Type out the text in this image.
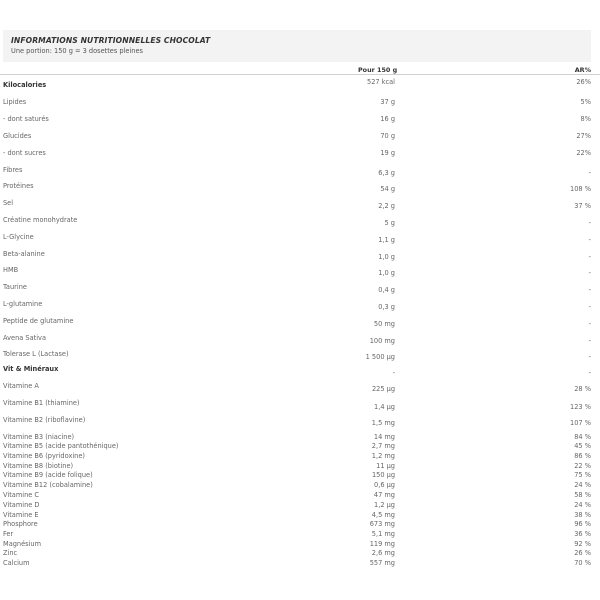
INFORMATIONS NUTRITIONNELLES CHOCOLAT
Une portion: 150 g = 3 dosettes pleines
Pour 150 g	AR%
Kilocalories	527 kcal	26%
Lipides	37 g	5%
- dont saturés	16 g	8%
Glucides	70 g	27%
- dont sucres	19 g	22%
Fibres	6,3 g	-
Protéines	54 g	108 %
Sel	2,2 g	37 %
Créatine monohydrate	5 g	-
L-Glycine	1,1 g	-
Beta-alanine	1,0 g	-
HMB	1,0 g	-
Taurine	0,4 g	-
L-glutamine	0,3 g	-
Peptide de glutamine	50 mg	-
Avena Sativa	100 mg	-
Tolerase L (Lactase)	1 500 µg	-
Vit & Minéraux	-	-
Vitamine A	225 µg	28 %
Vitamine B1 (thiamine)	1,4 µg	123 %
Vitamine B2 (riboflavine)	1,5 mg	107 %
Vitamine B3 (niacine)	14 mg	84 %
Vitamine B5 (acide pantothénique)	2,7 mg	45 %
Vitamine B6 (pyridoxine)	1,2 mg	86 %
Vitamine B8 (biotine)	11 µg	22 %
Vitamine B9 (acide folique)	150 µg	75 %
Vitamine B12 (cobalamine)	0,6 µg	24 %
Vitamine C	47 mg	58 %
Vitamine D	1,2 µg	24 %
Vitamine E	4,5 mg	38 %
Phosphore	673 mg	96 %
Fer	5,1 mg	36 %
Magnésium	119 mg	92 %
Zinc	2,6 mg	26 %
Calcium	557 mg	70 %
